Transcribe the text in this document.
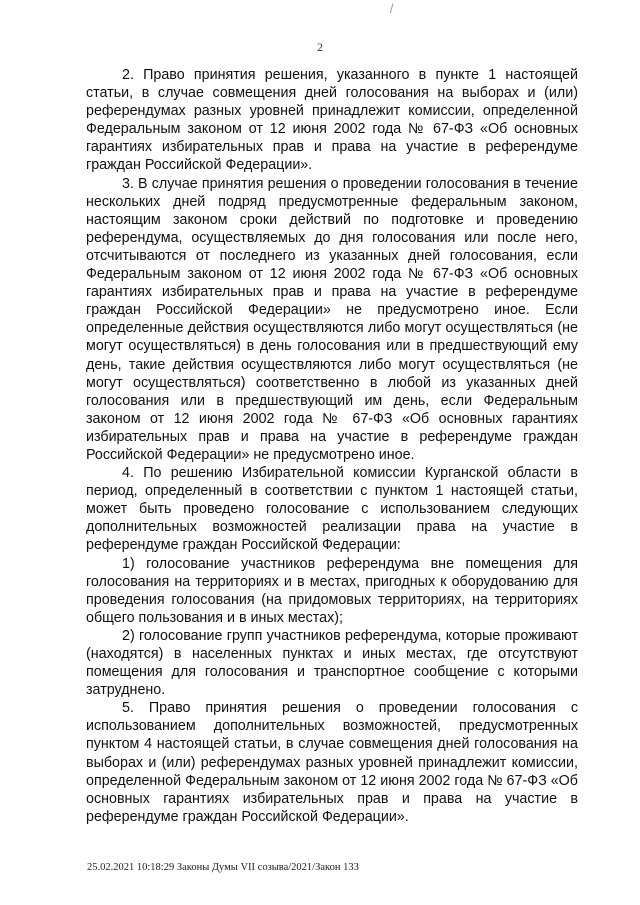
2

2. Право принятия решения, указанного в пункте 1 настоящей статьи, в случае совмещения дней голосования на выборах и (или) референдумах разных уровней принадлежит комиссии, определенной Федеральным законом от 12 июня 2002 года № 67-ФЗ «Об основных гарантиях избирательных прав и права на участие в референдуме граждан Российской Федерации».

3. В случае принятия решения о проведении голосования в течение нескольких дней подряд предусмотренные федеральным законом, настоящим законом сроки действий по подготовке и проведению референдума, осуществляемых до дня голосования или после него, отсчитываются от последнего из указанных дней голосования, если Федеральным законом от 12 июня 2002 года № 67-ФЗ «Об основных гарантиях избирательных прав и права на участие в референдуме граждан Российской Федерации» не предусмотрено иное. Если определенные действия осуществляются либо могут осуществляться (не могут осуществляться) в день голосования или в предшествующий ему день, такие действия осуществляются либо могут осуществляться (не могут осуществляться) соответственно в любой из указанных дней голосования или в предшествующий им день, если Федеральным законом от 12 июня 2002 года № 67-ФЗ «Об основных гарантиях избирательных прав и права на участие в референдуме граждан Российской Федерации» не предусмотрено иное.

4. По решению Избирательной комиссии Курганской области в период, определенный в соответствии с пунктом 1 настоящей статьи, может быть проведено голосование с использованием следующих дополнительных возможностей реализации права на участие в референдуме граждан Российской Федерации:

1) голосование участников референдума вне помещения для голосования на территориях и в местах, пригодных к оборудованию для проведения голосования (на придомовых территориях, на территориях общего пользования и в иных местах);

2) голосование групп участников референдума, которые проживают (находятся) в населенных пунктах и иных местах, где отсутствуют помещения для голосования и транспортное сообщение с которыми затруднено.

5. Право принятия решения о проведении голосования с использованием дополнительных возможностей, предусмотренных пунктом 4 настоящей статьи, в случае совмещения дней голосования на выборах и (или) референдумах разных уровней принадлежит комиссии, определенной Федеральным законом от 12 июня 2002 года № 67-ФЗ «Об основных гарантиях избирательных прав и права на участие в референдуме граждан Российской Федерации».

25.02.2021 10:18:29 Законы Думы VII созыва/2021/Закон 133
